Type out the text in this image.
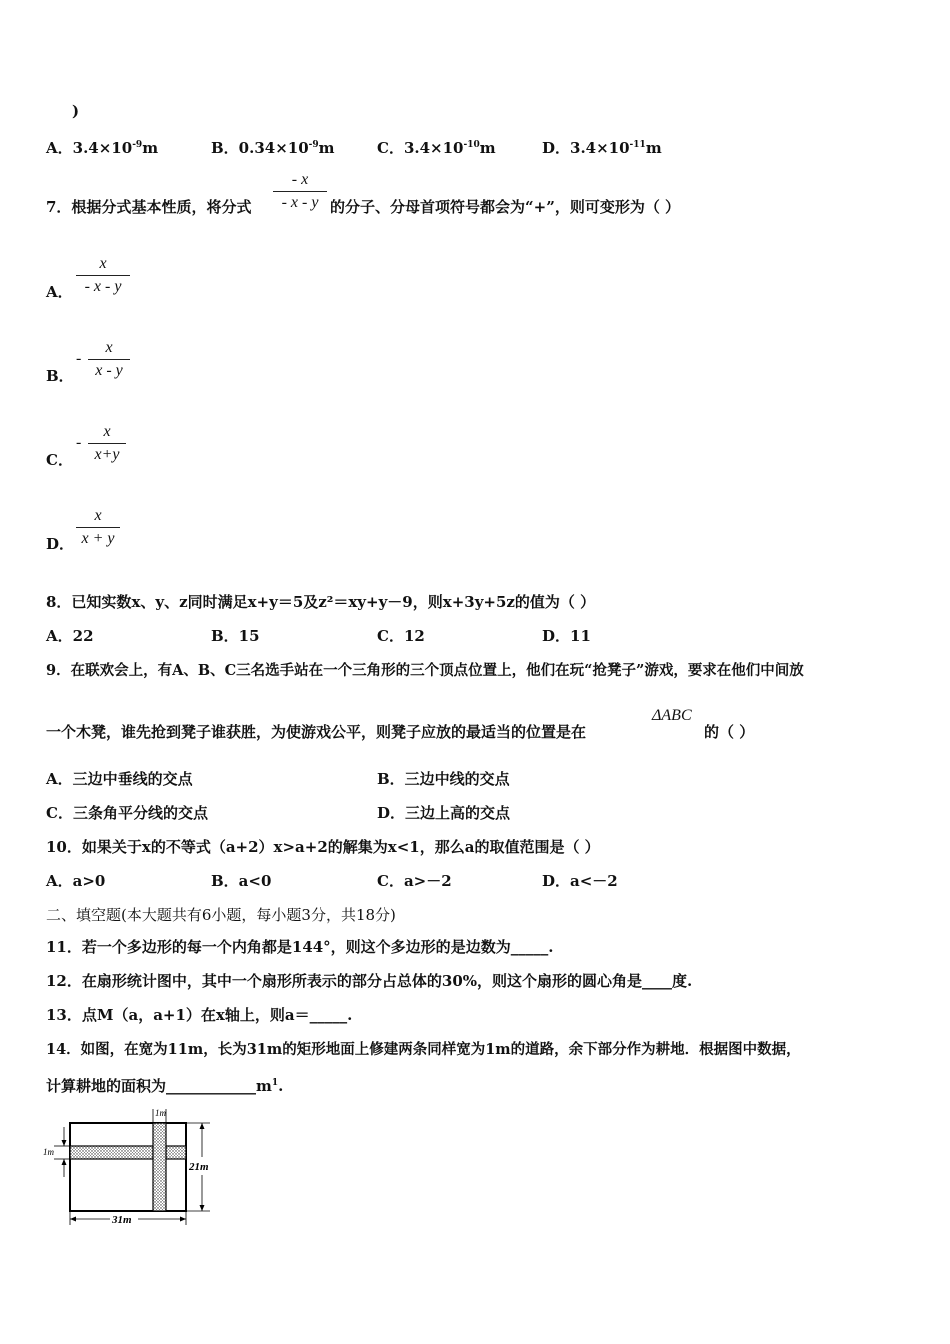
)
A．$3.4\times 10^{-9}m$	B．$0.34\times 10^{-9}m$	C．$3.4\times 10^{-10}m$	D．$3.4\times 10^{-11}m$
7．根据分式基本性质，将分式
- x
- x - y 的分子、分母首项符号都会为“+”，则可变形为（ ）
A．
x
- x - y
B．
-
x
x - y
C．
-
x
x+y
D．
x
x + y
8．已知实数x、y、z同时满足x+y＝5及z²＝xy+y－9，则x+3y+5z的值为（ ）
A．22	B．15	C．12	D．11
9．在联欢会上，有A、B、C三名选手站在一个三角形的三个顶点位置上，他们在玩“抢凳子”游戏，要求在他们中间放
一个木凳，谁先抢到凳子谁获胜，为使游戏公平，则凳子应放的最适当的位置是在
ΔABC
的（ ）
A．三边中垂线的交点	B．三边中线的交点
C．三条角平分线的交点	D．三边上高的交点
10．如果关于x的不等式（a+2）x>a+2的解集为x<1，那么a的取值范围是（ ）
A．a>0	B．a<0	C．a>－2	D．a<－2
二、填空题(本大题共有6小题，每小题3分，共18分)
11．若一个多边形的每一个内角都是144°，则这个多边形的是边数为_____.
12．在扇形统计图中，其中一个扇形所表示的部分占总体的30%，则这个扇形的圆心角是____度.
13．点M（a，a+1）在x轴上，则a＝_____.
14．如图，在宽为11m，长为31m的矩形地面上修建两条同样宽为1m的道路，余下部分作为耕地．根据图中数据，
计算耕地的面积为$\_\_\_\_\_\_\_\_\_\_\_\_m^1$.
1m
1m
21m
31m
